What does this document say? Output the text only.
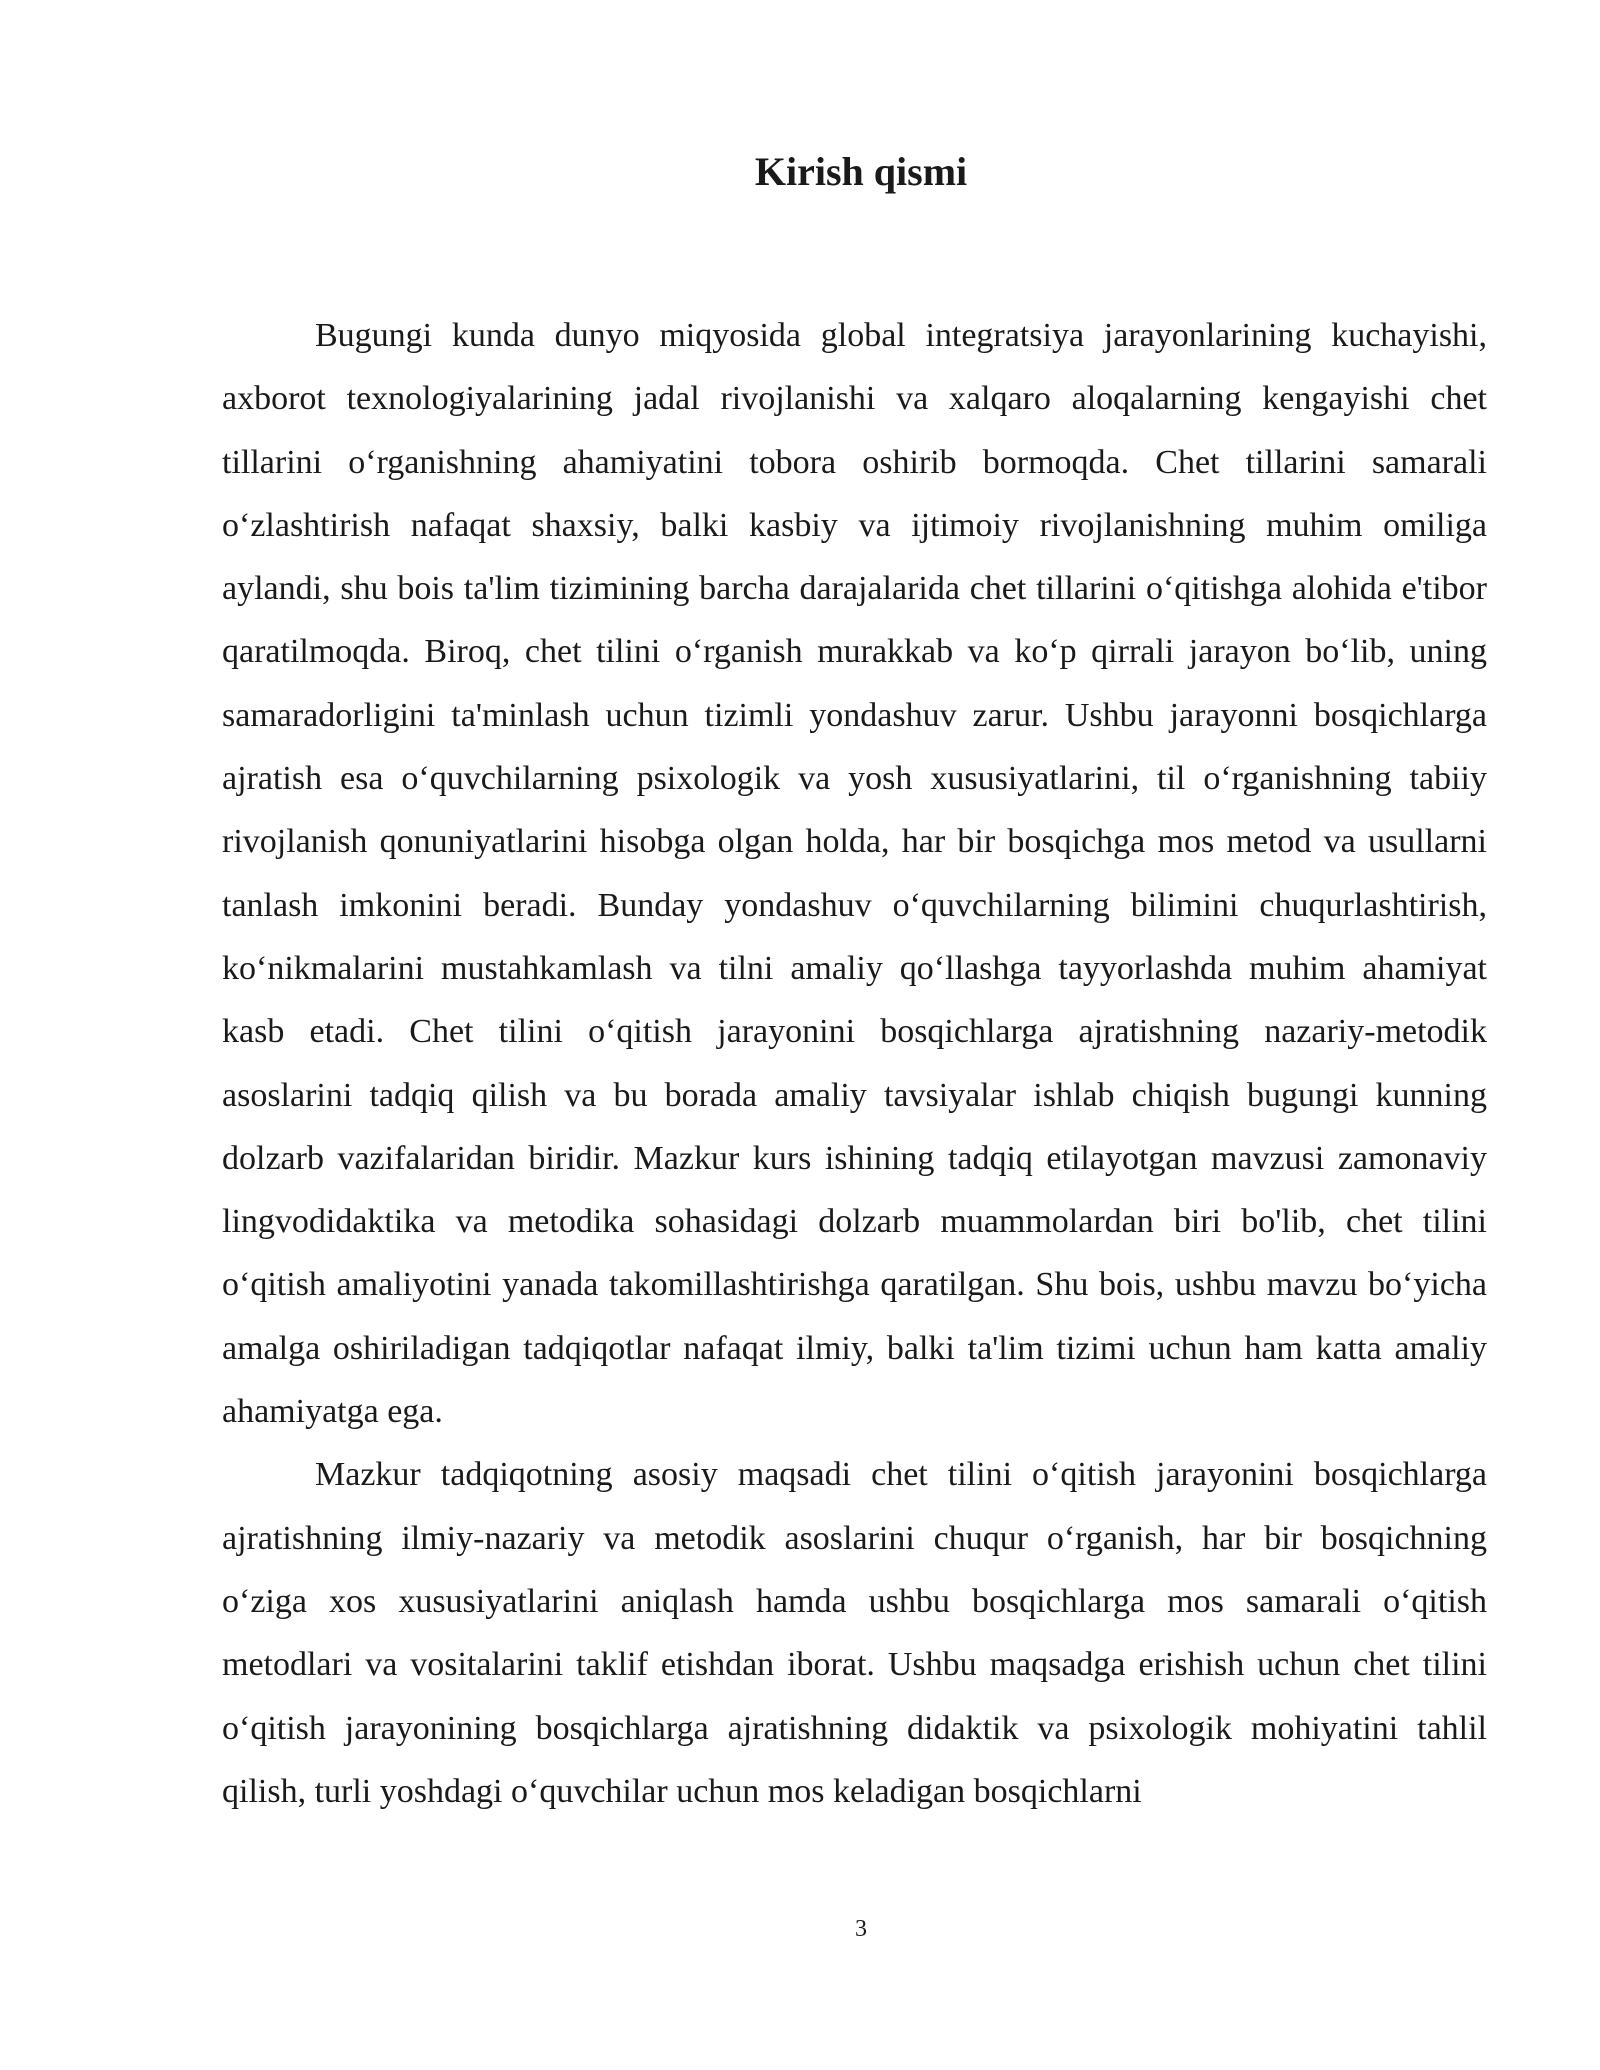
Kirish qismi

Bugungi kunda dunyo miqyosida global integratsiya jarayonlarining kuchayishi, axborot texnologiyalarining jadal rivojlanishi va xalqaro aloqalarning kengayishi chet tillarini oʻrganishning ahamiyatini tobora oshirib bormoqda. Chet tillarini samarali oʻzlashtirish nafaqat shaxsiy, balki kasbiy va ijtimoiy rivojlanishning muhim omiliga aylandi, shu bois ta'lim tizimining barcha darajalarida chet tillarini oʻqitishga alohida e'tibor qaratilmoqda. Biroq, chet tilini oʻrganish murakkab va koʻp qirrali jarayon boʻlib, uning samaradorligini ta'minlash uchun tizimli yondashuv zarur. Ushbu jarayonni bosqichlarga ajratish esa oʻquvchilarning psixologik va yosh xususiyatlarini, til oʻrganishning tabiiy rivojlanish qonuniyatlarini hisobga olgan holda, har bir bosqichga mos metod va usullarni tanlash imkonini beradi. Bunday yondashuv oʻquvchilarning bilimini chuqurlashtirish, koʻnikmalarini mustahkamlash va tilni amaliy qoʻllashga tayyorlashda muhim ahamiyat kasb etadi. Chet tilini oʻqitish jarayonini bosqichlarga ajratishning nazariy-metodik asoslarini tadqiq qilish va bu borada amaliy tavsiyalar ishlab chiqish bugungi kunning dolzarb vazifalaridan biridir. Mazkur kurs ishining tadqiq etilayotgan mavzusi zamonaviy lingvodidaktika va metodika sohasidagi dolzarb muammolardan biri bo'lib, chet tilini oʻqitish amaliyotini yanada takomillashtirishga qaratilgan. Shu bois, ushbu mavzu boʻyicha amalga oshiriladigan tadqiqotlar nafaqat ilmiy, balki ta'lim tizimi uchun ham katta amaliy ahamiyatga ega.

Mazkur tadqiqotning asosiy maqsadi chet tilini oʻqitish jarayonini bosqichlarga ajratishning ilmiy-nazariy va metodik asoslarini chuqur oʻrganish, har bir bosqichning oʻziga xos xususiyatlarini aniqlash hamda ushbu bosqichlarga mos samarali oʻqitish metodlari va vositalarini taklif etishdan iborat. Ushbu maqsadga erishish uchun chet tilini oʻqitish jarayonining bosqichlarga ajratishning didaktik va psixologik mohiyatini tahlil qilish, turli yoshdagi oʻquvchilar uchun mos keladigan bosqichlarni

3
